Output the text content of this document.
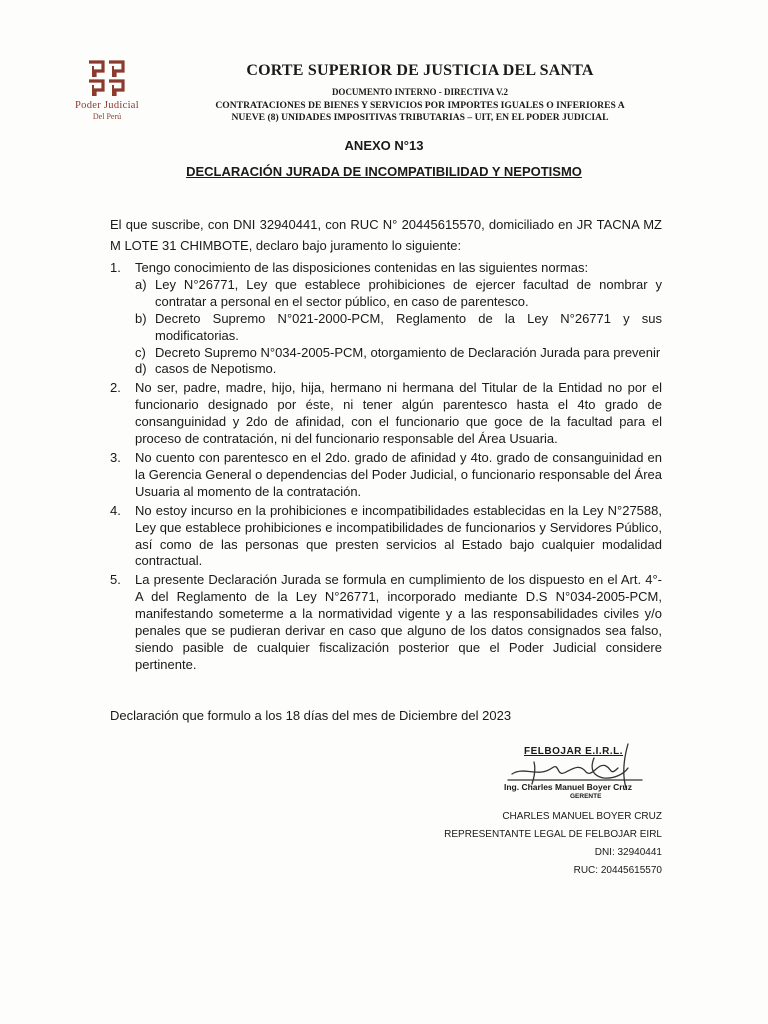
Poder Judicial
Del Perú
CORTE SUPERIOR DE JUSTICIA DEL SANTA
DOCUMENTO INTERNO - DIRECTIVA V.2
CONTRATACIONES DE BIENES Y SERVICIOS POR IMPORTES IGUALES O INFERIORES A
NUEVE (8) UNIDADES IMPOSITIVAS TRIBUTARIAS – UIT, EN EL PODER JUDICIAL
ANEXO N°13
DECLARACIÓN JURADA DE INCOMPATIBILIDAD Y NEPOTISMO
El que suscribe, con DNI 32940441, con RUC N° 20445615570, domiciliado en JR TACNA MZ M LOTE 31 CHIMBOTE, declaro bajo juramento lo siguiente:
1. Tengo conocimiento de las disposiciones contenidas en las siguientes normas:
a) Ley N°26771, Ley que establece prohibiciones de ejercer facultad de nombrar y contratar a personal en el sector público, en caso de parentesco.
b) Decreto Supremo N°021-2000-PCM, Reglamento de la Ley N°26771 y sus modificatorias.
c) Decreto Supremo N°034-2005-PCM, otorgamiento de Declaración Jurada para prevenir
d) casos de Nepotismo.
2. No ser, padre, madre, hijo, hija, hermano ni hermana del Titular de la Entidad no por el funcionario designado por éste, ni tener algún parentesco hasta el 4to grado de consanguinidad y 2do de afinidad, con el funcionario que goce de la facultad para el proceso de contratación, ni del funcionario responsable del Área Usuaria.
3. No cuento con parentesco en el 2do. grado de afinidad y 4to. grado de consanguinidad en la Gerencia General o dependencias del Poder Judicial, o funcionario responsable del Área Usuaria al momento de la contratación.
4. No estoy incurso en la prohibiciones e incompatibilidades establecidas en la Ley N°27588, Ley que establece prohibiciones e incompatibilidades de funcionarios y Servidores Público, así como de las personas que presten servicios al Estado bajo cualquier modalidad contractual.
5. La presente Declaración Jurada se formula en cumplimiento de los dispuesto en el Art. 4°- A del Reglamento de la Ley N°26771, incorporado mediante D.S N°034-2005-PCM, manifestando someterme a la normatividad vigente y a las responsabilidades civiles y/o penales que se pudieran derivar en caso que alguno de los datos consignados sea falso, siendo pasible de cualquier fiscalización posterior que el Poder Judicial considere pertinente.
Declaración que formulo a los 18 días del mes de Diciembre del 2023
FELBOJAR E.I.R.L.
Ing. Charles Manuel Boyer Cruz
GERENTE
CHARLES MANUEL BOYER CRUZ
REPRESENTANTE LEGAL DE FELBOJAR EIRL
DNI: 32940441
RUC: 20445615570
